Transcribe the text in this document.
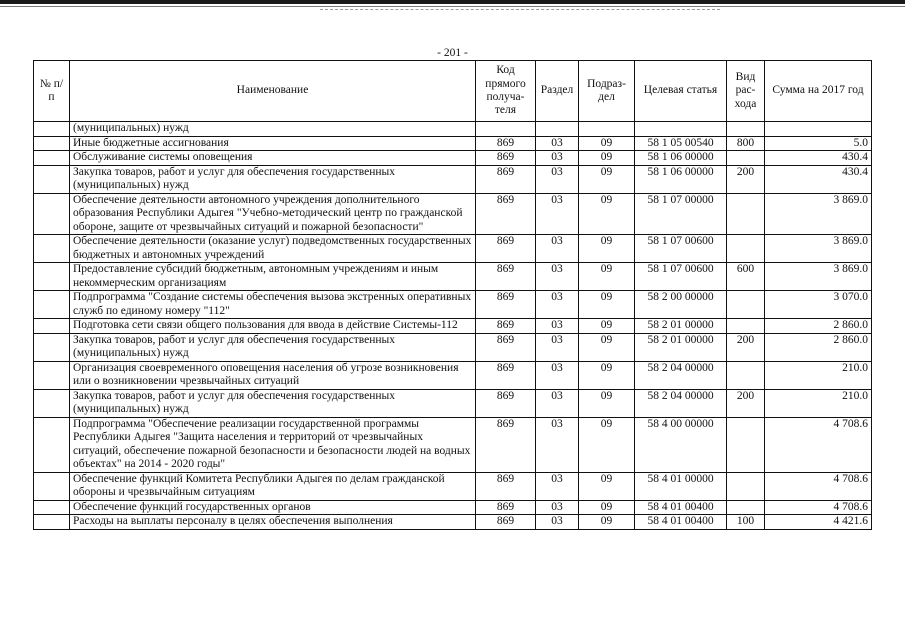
- 201 -
№ п/п	Наименование	Код прямого получа-теля	Раздел	Подраз-дел	Целевая статья	Вид рас-хода	Сумма на 2017 год
	(муниципальных) нужд						
	Иные бюджетные ассигнования	869	03	09	58 1 05 00540	800	5.0
	Обслуживание системы оповещения	869	03	09	58 1 06 00000		430.4
	Закупка товаров, работ и услуг для обеспечения государственных (муниципальных) нужд	869	03	09	58 1 06 00000	200	430.4
	Обеспечение деятельности автономного учреждения дополнительного образования Республики Адыгея "Учебно-методический центр по гражданской обороне, защите от чрезвычайных ситуаций и пожарной безопасности"	869	03	09	58 1 07 00000		3 869.0
	Обеспечение деятельности (оказание услуг) подведомственных государственных бюджетных и автономных учреждений	869	03	09	58 1 07 00600		3 869.0
	Предоставление субсидий бюджетным, автономным учреждениям и иным некоммерческим организациям	869	03	09	58 1 07 00600	600	3 869.0
	Подпрограмма "Создание системы обеспечения вызова экстренных оперативных служб по единому номеру "112"	869	03	09	58 2 00 00000		3 070.0
	Подготовка сети связи общего пользования для ввода в действие Системы-112	869	03	09	58 2 01 00000		2 860.0
	Закупка товаров, работ и услуг для обеспечения государственных (муниципальных) нужд	869	03	09	58 2 01 00000	200	2 860.0
	Организация своевременного оповещения населения об угрозе возникновения или о возникновении чрезвычайных ситуаций	869	03	09	58 2 04 00000		210.0
	Закупка товаров, работ и услуг для обеспечения государственных (муниципальных) нужд	869	03	09	58 2 04 00000	200	210.0
	Подпрограмма "Обеспечение реализации государственной программы Республики Адыгея "Защита населения и территорий от чрезвычайных ситуаций, обеспечение пожарной безопасности и безопасности людей на водных объектах" на 2014 - 2020 годы"	869	03	09	58 4 00 00000		4 708.6
	Обеспечение функций Комитета Республики Адыгея по делам гражданской обороны и чрезвычайным ситуациям	869	03	09	58 4 01 00000		4 708.6
	Обеспечение функций государственных органов	869	03	09	58 4 01 00400		4 708.6
	Расходы на выплаты персоналу в целях обеспечения выполнения	869	03	09	58 4 01 00400	100	4 421.6
